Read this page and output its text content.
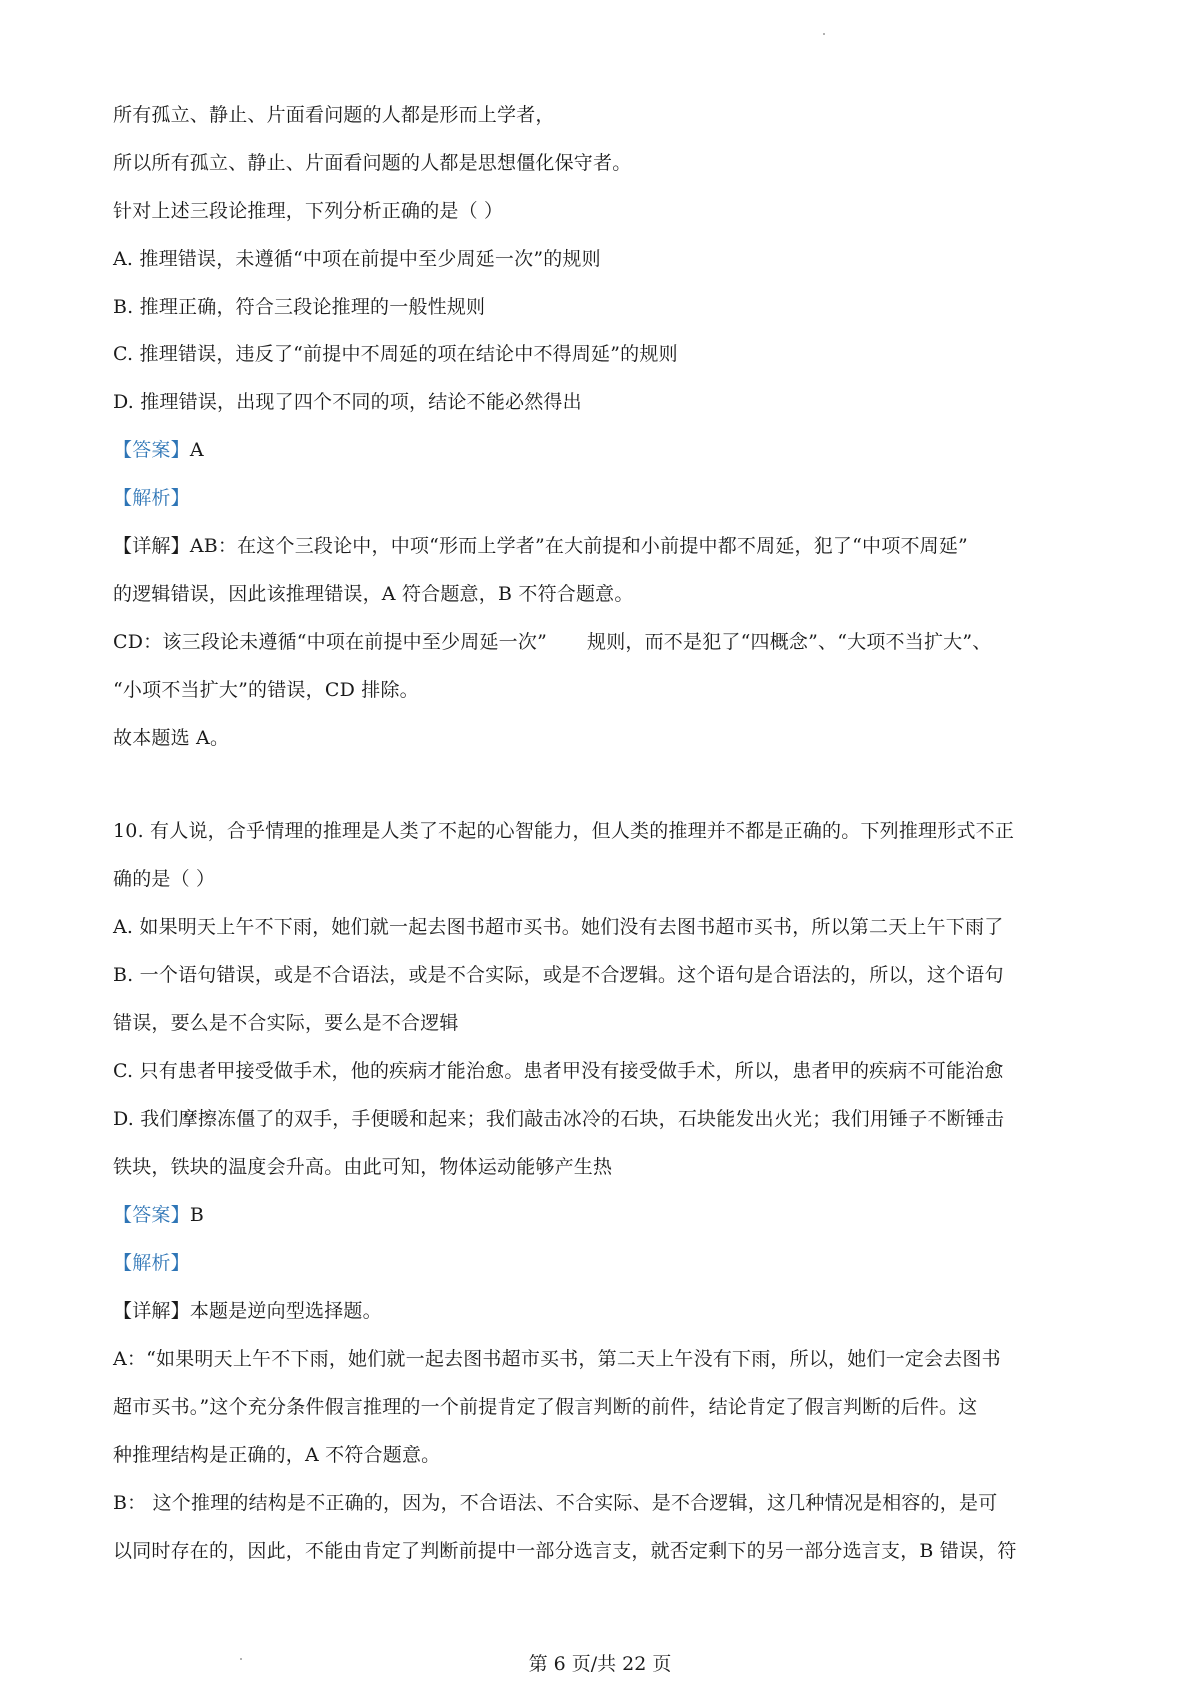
所有孤立、静止、片面看问题的人都是形而上学者，
所以所有孤立、静止、片面看问题的人都是思想僵化保守者。
针对上述三段论推理，下列分析正确的是（ ）
A. 推理错误，未遵循“中项在前提中至少周延一次”的规则
B. 推理正确，符合三段论推理的一般性规则
C. 推理错误，违反了“前提中不周延的项在结论中不得周延”的规则
D. 推理错误，出现了四个不同的项，结论不能必然得出
【答案】A
【解析】
【详解】AB：在这个三段论中，中项“形而上学者”在大前提和小前提中都不周延，犯了“中项不周延”
的逻辑错误，因此该推理错误，A 符合题意，B 不符合题意。
CD：该三段论未遵循“中项在前提中至少周延一次” 规则，而不是犯了“四概念”、“大项不当扩大”、
“小项不当扩大”的错误，CD 排除。
故本题选 A。
10. 有人说，合乎情理的推理是人类了不起的心智能力，但人类的推理并不都是正确的。下列推理形式不正
确的是（ ）
A. 如果明天上午不下雨，她们就一起去图书超市买书。她们没有去图书超市买书，所以第二天上午下雨了
B. 一个语句错误，或是不合语法，或是不合实际，或是不合逻辑。这个语句是合语法的，所以，这个语句
错误，要么是不合实际，要么是不合逻辑
C. 只有患者甲接受做手术，他的疾病才能治愈。患者甲没有接受做手术，所以，患者甲的疾病不可能治愈
D. 我们摩擦冻僵了的双手，手便暖和起来；我们敲击冰冷的石块，石块能发出火光；我们用锤子不断锤击
铁块，铁块的温度会升高。由此可知，物体运动能够产生热
【答案】B
【解析】
【详解】本题是逆向型选择题。
A：“如果明天上午不下雨，她们就一起去图书超市买书，第二天上午没有下雨，所以，她们一定会去图书
超市买书。”这个充分条件假言推理的一个前提肯定了假言判断的前件，结论肯定了假言判断的后件。这
种推理结构是正确的，A 不符合题意。
B： 这个推理的结构是不正确的，因为，不合语法、不合实际、是不合逻辑，这几种情况是相容的，是可
以同时存在的，因此，不能由肯定了判断前提中一部分选言支，就否定剩下的另一部分选言支，B 错误，符
第 6 页/共 22 页
